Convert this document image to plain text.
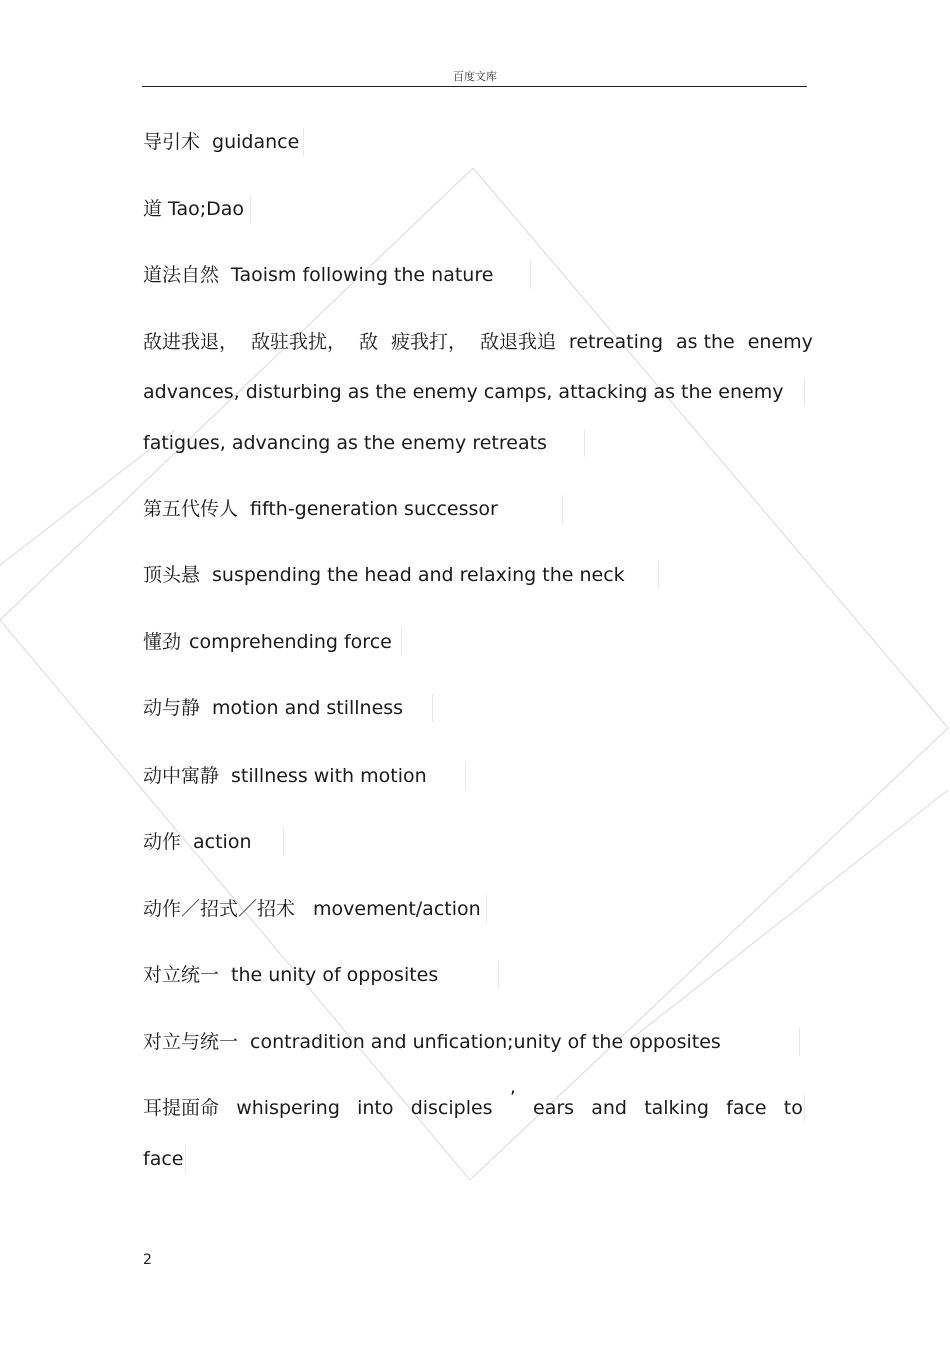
百度文库
导引术 guidance
道 Tao;Dao
道法自然 Taoism following the nature
敌进我退， 敌驻我扰， 敌 疲我打， 敌退我追 retreating as the enemy
advances, disturbing as the enemy camps, attacking as the enemy
fatigues, advancing as the enemy retreats
第五代传人 fifth-generation successor
顶头悬 suspending the head and relaxing the neck
懂劲 comprehending force
动与静 motion and stillness
动中寓静 stillness with motion
动作 action
动作／招式／招术 movement/action
对立统一 the unity of opposites
对立与统一 contradition and unfication;unity of the opposites
耳提面命 whispering into disciples ’ ears and talking face to
face
2
